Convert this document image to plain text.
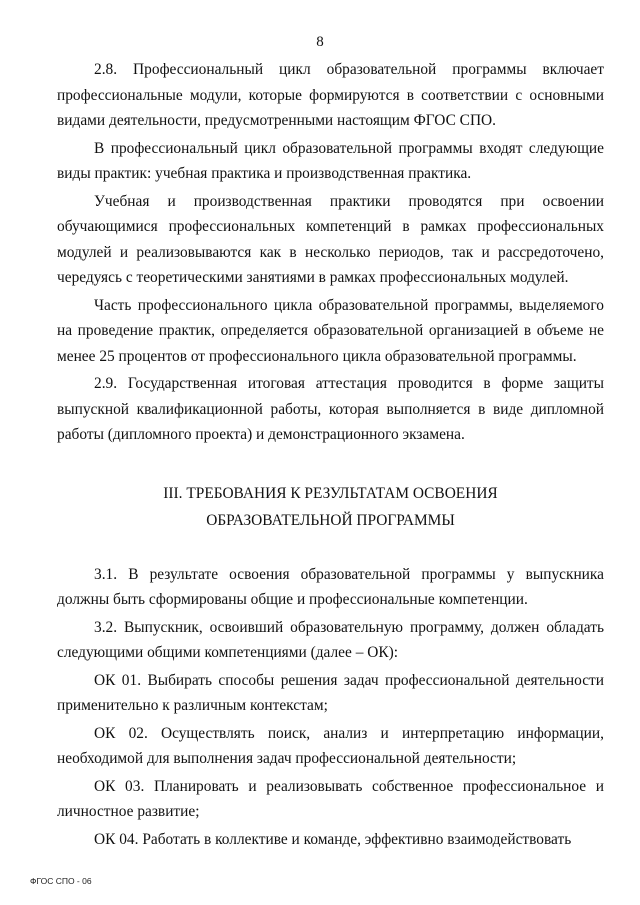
8

2.8. Профессиональный цикл образовательной программы включает профессиональные модули, которые формируются в соответствии с основными видами деятельности, предусмотренными настоящим ФГОС СПО.

В профессиональный цикл образовательной программы входят следующие виды практик: учебная практика и производственная практика.

Учебная и производственная практики проводятся при освоении обучающимися профессиональных компетенций в рамках профессиональных модулей и реализовываются как в несколько периодов, так и рассредоточено, чередуясь с теоретическими занятиями в рамках профессиональных модулей.

Часть профессионального цикла образовательной программы, выделяемого на проведение практик, определяется образовательной организацией в объеме не менее 25 процентов от профессионального цикла образовательной программы.

2.9. Государственная итоговая аттестация проводится в форме защиты выпускной квалификационной работы, которая выполняется в виде дипломной работы (дипломного проекта) и демонстрационного экзамена.

III. ТРЕБОВАНИЯ К РЕЗУЛЬТАТАМ ОСВОЕНИЯ
ОБРАЗОВАТЕЛЬНОЙ ПРОГРАММЫ

3.1. В результате освоения образовательной программы у выпускника должны быть сформированы общие и профессиональные компетенции.

3.2. Выпускник, освоивший образовательную программу, должен обладать следующими общими компетенциями (далее – ОК):

ОК 01. Выбирать способы решения задач профессиональной деятельности применительно к различным контекстам;

ОК 02. Осуществлять поиск, анализ и интерпретацию информации, необходимой для выполнения задач профессиональной деятельности;

ОК 03. Планировать и реализовывать собственное профессиональное и личностное развитие;

ОК 04. Работать в коллективе и команде, эффективно взаимодействовать

ФГОС СПО - 06
